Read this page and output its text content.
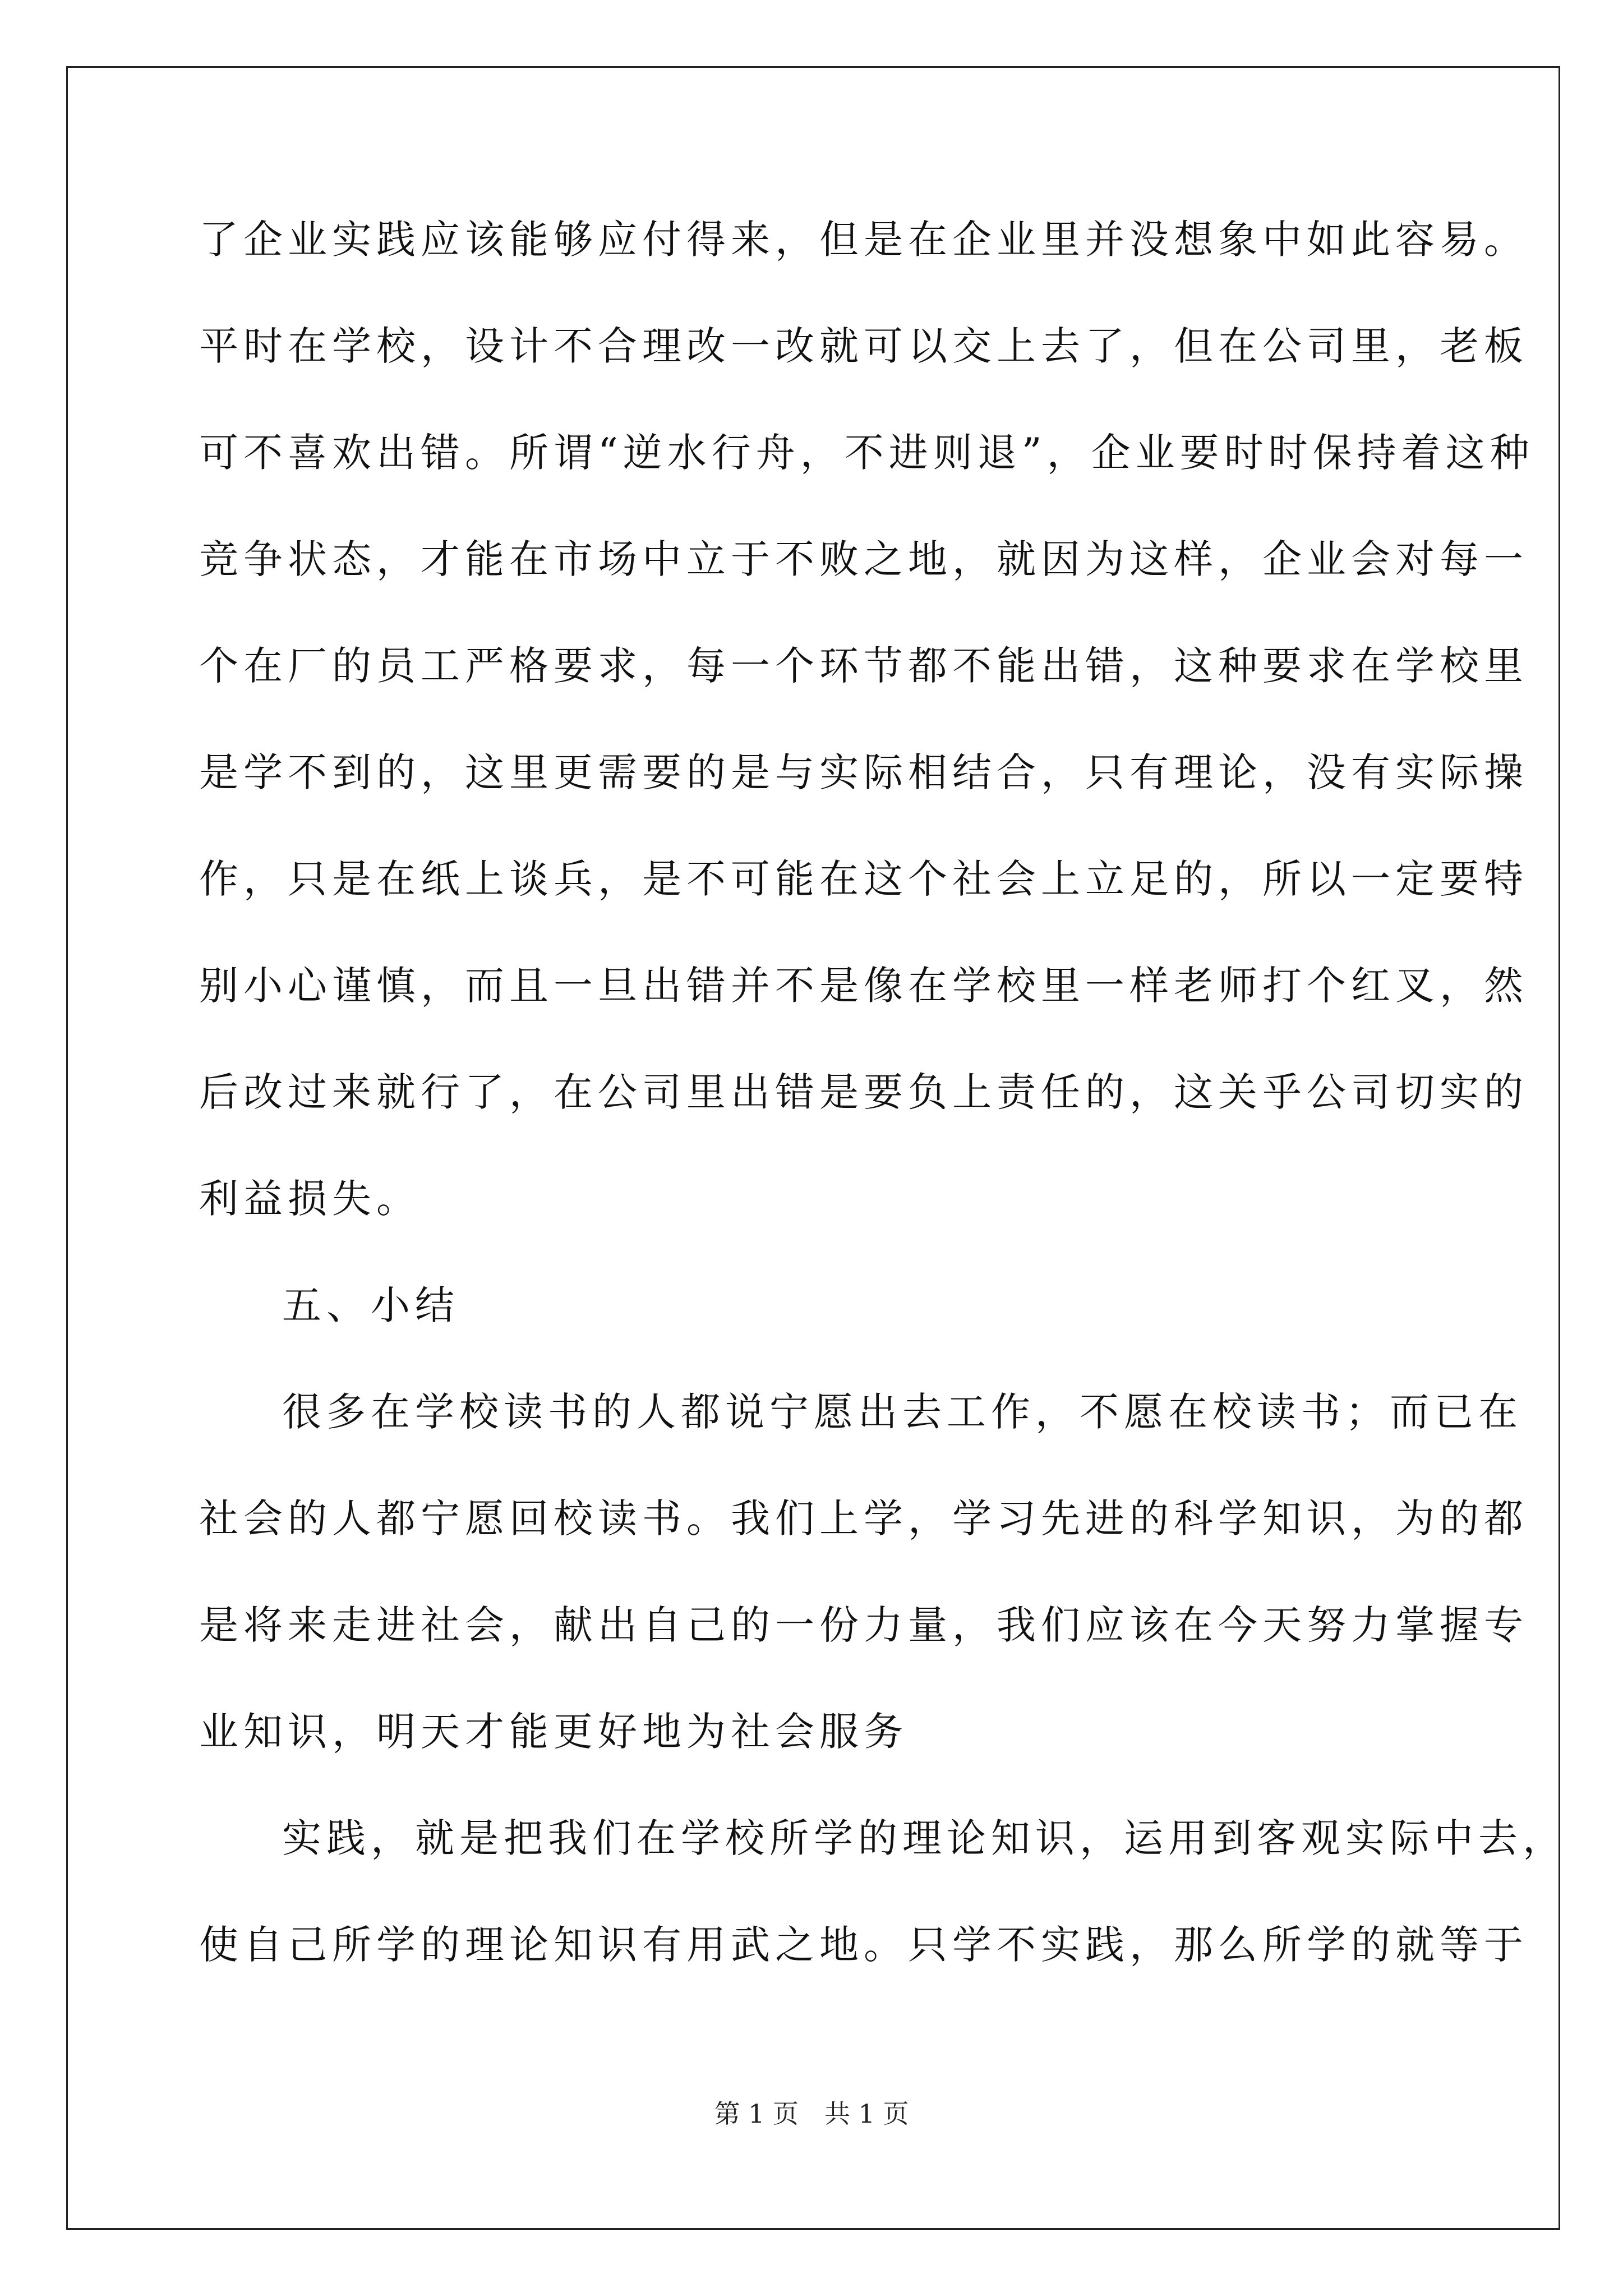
了企业实践应该能够应付得来，但是在企业里并没想象中如此容易。
平时在学校，设计不合理改一改就可以交上去了，但在公司里，老板
可不喜欢出错。所谓“逆水行舟，不进则退”，企业要时时保持着这种
竞争状态，才能在市场中立于不败之地，就因为这样，企业会对每一
个在厂的员工严格要求，每一个环节都不能出错，这种要求在学校里
是学不到的，这里更需要的是与实际相结合，只有理论，没有实际操
作，只是在纸上谈兵，是不可能在这个社会上立足的，所以一定要特
别小心谨慎，而且一旦出错并不是像在学校里一样老师打个红叉，然
后改过来就行了，在公司里出错是要负上责任的，这关乎公司切实的
利益损失。
五、小结
很多在学校读书的人都说宁愿出去工作，不愿在校读书；而已在
社会的人都宁愿回校读书。我们上学，学习先进的科学知识，为的都
是将来走进社会，献出自己的一份力量，我们应该在今天努力掌握专
业知识，明天才能更好地为社会服务
实践，就是把我们在学校所学的理论知识，运用到客观实际中去，
使自己所学的理论知识有用武之地。只学不实践，那么所学的就等于
第 1 页　共 1 页
